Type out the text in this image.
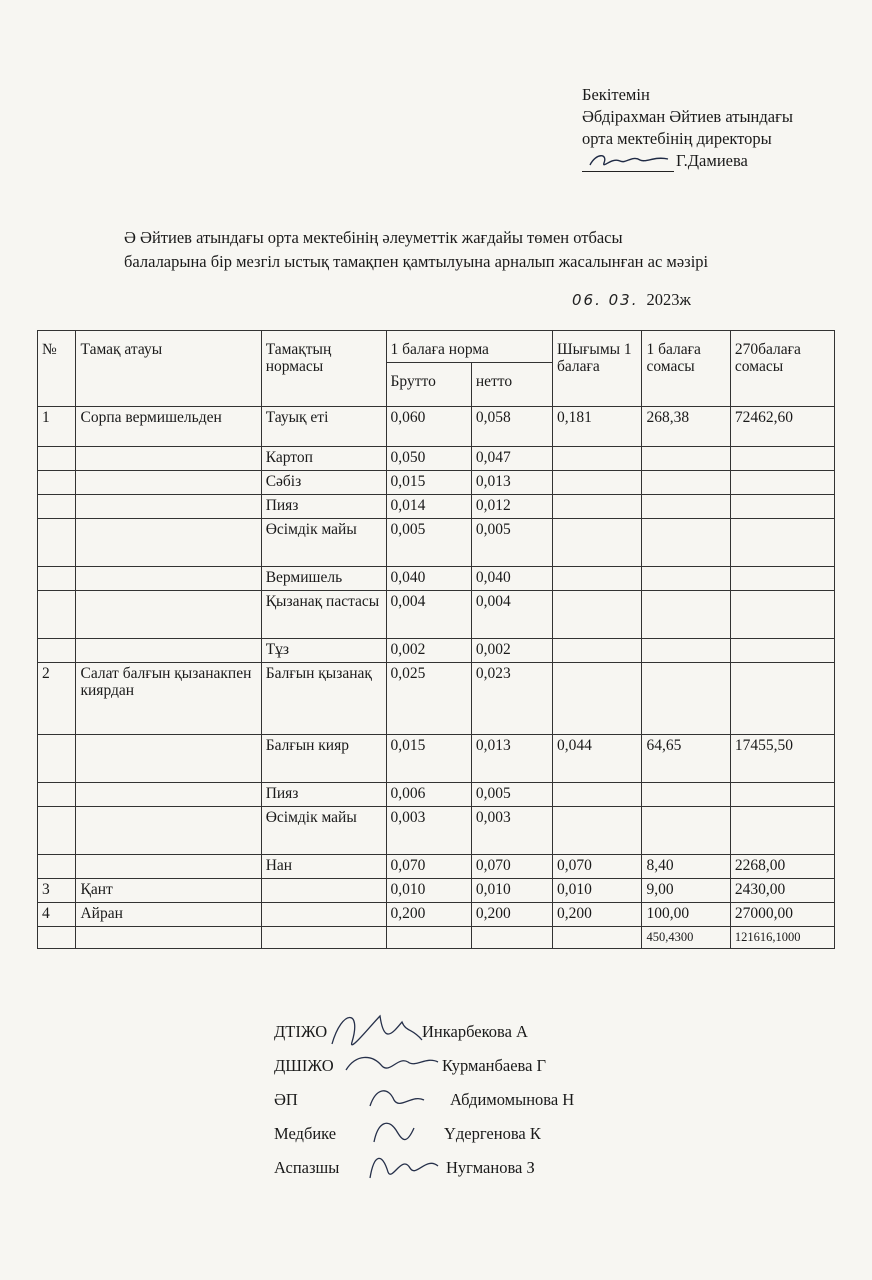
Бекітемін
Әбдірахман Әйтиев атындағы
орта мектебінің директоры
Г.Дамиева
Ә Әйтиев атындағы орта мектебінің әлеуметтік жағдайы төмен отбасы
балаларына бір мезгіл ыстық тамақпен қамтылуына арналып жасалынған ас мәзірі
06. 03. 2023ж
№	Тамақ атауы	Тамақтың нормасы	1 балаға норма		Шығымы 1 балаға	1 балаға сомасы	270балаға сомасы
			Брутто	нетто			
1	Сорпа вермишельден	Тауық еті	0,060	0,058	0,181	268,38	72462,60
		Картоп	0,050	0,047			
		Сәбіз	0,015	0,013			
		Пияз	0,014	0,012			
		Өсімдік майы	0,005	0,005			
		Вермишель	0,040	0,040			
		Қызанақ пастасы	0,004	0,004			
		Тұз	0,002	0,002			
2	Салат балғын қызанакпен киярдан	Балғын қызанақ	0,025	0,023			
		Балғын кияр	0,015	0,013	0,044	64,65	17455,50
		Пияз	0,006	0,005			
		Өсімдік майы	0,003	0,003			
		Нан	0,070	0,070	0,070	8,40	2268,00
3	Қант		0,010	0,010	0,010	9,00	2430,00
4	Айран		0,200	0,200	0,200	100,00	27000,00
						450,4300	121616,1000
ДТІЖО	Инкарбекова А
ДШІЖО	Курманбаева Г
ӘП	Абдимомынова Н
Медбике	Үдергенова К
Аспазшы	Нугманова З
